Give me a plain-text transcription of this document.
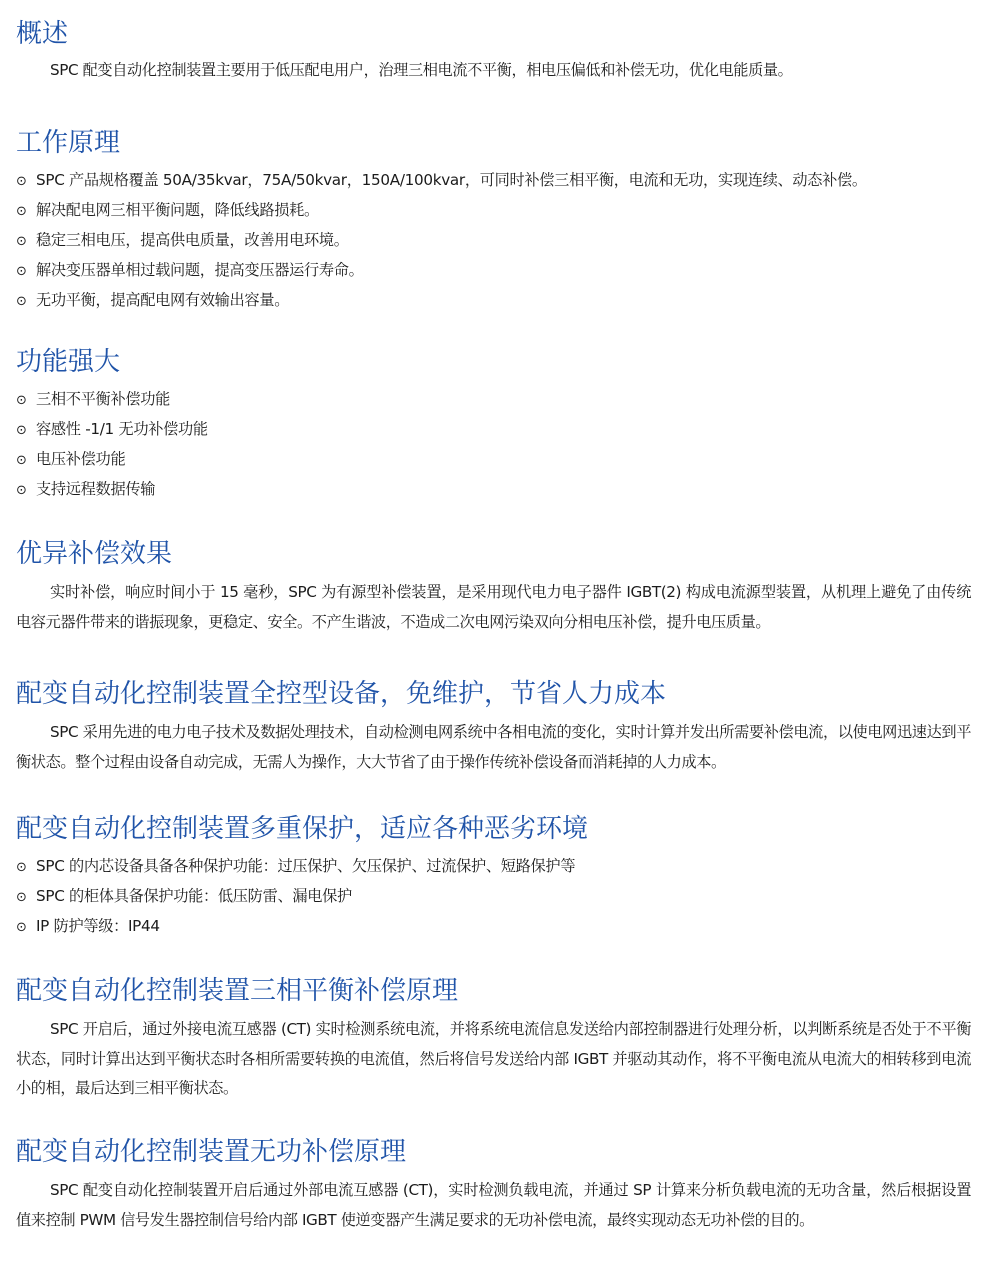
概述

SPC 配变自动化控制装置主要用于低压配电用户，治理三相电流不平衡，相电压偏低和补偿无功，优化电能质量。

工作原理
⊙ SPC 产品规格覆盖 50A/35kvar，75A/50kvar，150A/100kvar，可同时补偿三相平衡，电流和无功，实现连续、动态补偿。
⊙ 解决配电网三相平衡问题，降低线路损耗。
⊙ 稳定三相电压，提高供电质量，改善用电环境。
⊙ 解决变压器单相过载问题，提高变压器运行寿命。
⊙ 无功平衡，提高配电网有效输出容量。
功能强大
⊙ 三相不平衡补偿功能
⊙ 容感性 -1/1 无功补偿功能
⊙ 电压补偿功能
⊙ 支持远程数据传输
优异补偿效果

实时补偿，响应时间小于 15 毫秒，SPC 为有源型补偿装置，是采用现代电力电子器件 IGBT(2) 构成电流源型装置，从机理上避免了由传统电容元器件带来的谐振现象，更稳定、安全。不产生谐波，不造成二次电网污染双向分相电压补偿，提升电压质量。

配变自动化控制装置全控型设备，免维护，节省人力成本

SPC 采用先进的电力电子技术及数据处理技术，自动检测电网系统中各相电流的变化，实时计算并发出所需要补偿电流，以使电网迅速达到平衡状态。整个过程由设备自动完成，无需人为操作，大大节省了由于操作传统补偿设备而消耗掉的人力成本。

配变自动化控制装置多重保护，适应各种恶劣环境
⊙ SPC 的内芯设备具备各种保护功能：过压保护、欠压保护、过流保护、短路保护等
⊙ SPC 的柜体具备保护功能：低压防雷、漏电保护
⊙ IP 防护等级：IP44
配变自动化控制装置三相平衡补偿原理

SPC 开启后，通过外接电流互感器 (CT) 实时检测系统电流，并将系统电流信息发送给内部控制器进行处理分析，以判断系统是否处于不平衡状态，同时计算出达到平衡状态时各相所需要转换的电流值，然后将信号发送给内部 IGBT 并驱动其动作，将不平衡电流从电流大的相转移到电流小的相，最后达到三相平衡状态。

配变自动化控制装置无功补偿原理

SPC 配变自动化控制装置开启后通过外部电流互感器 (CT)，实时检测负载电流，并通过 SP 计算来分析负载电流的无功含量，然后根据设置值来控制 PWM 信号发生器控制信号给内部 IGBT 使逆变器产生满足要求的无功补偿电流，最终实现动态无功补偿的目的。
